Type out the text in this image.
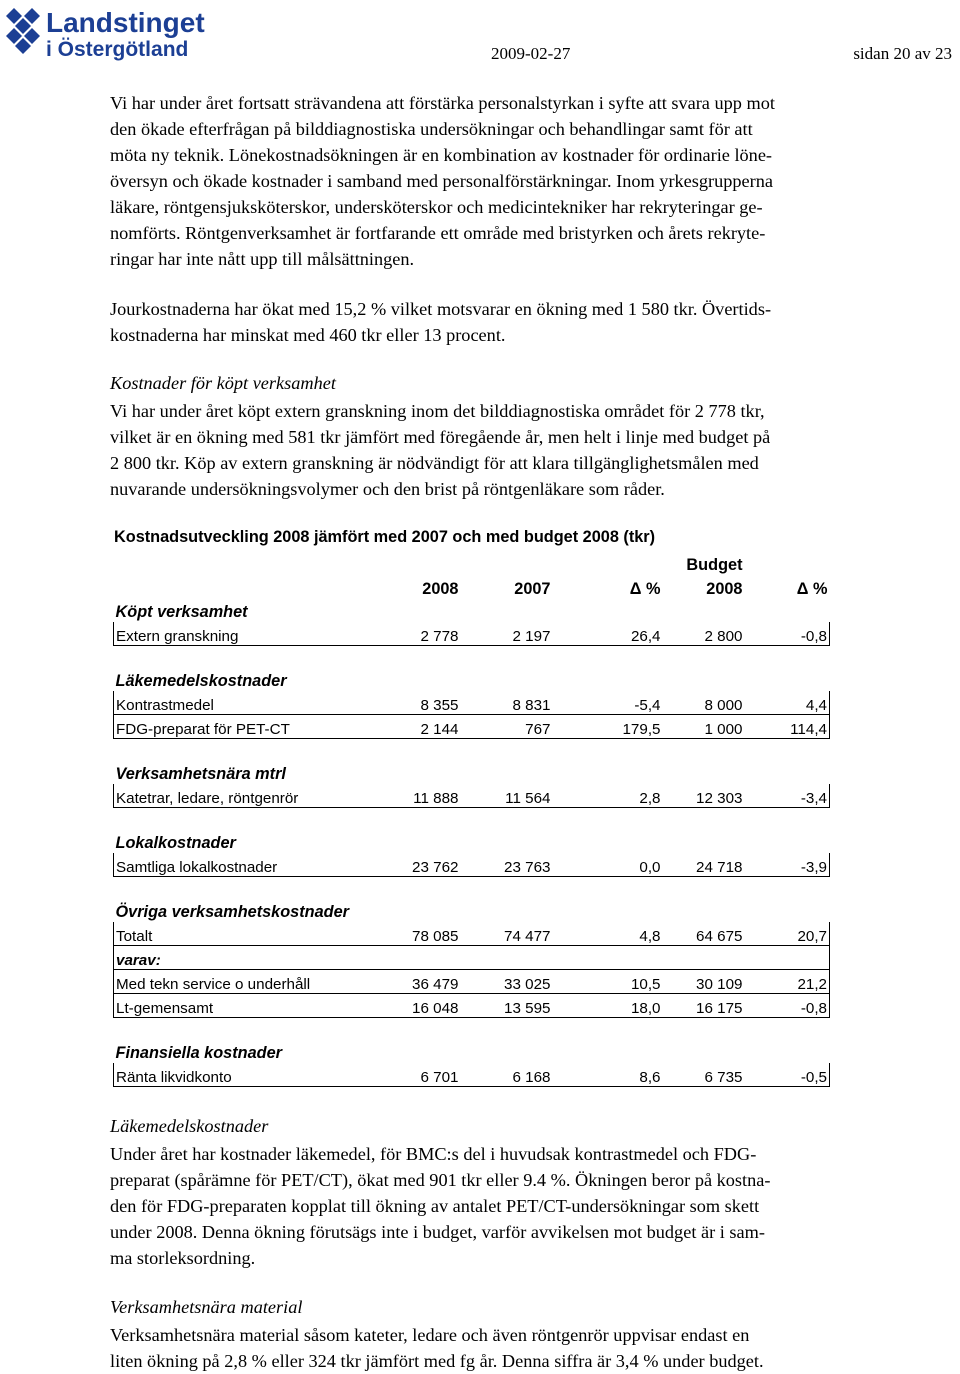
Landstinget
i Östergötland	2009-02-27	sidan 20 av 23

Vi har under året fortsatt strävandena att förstärka personalstyrkan i syfte att svara upp mot
den ökade efterfrågan på bilddiagnostiska undersökningar och behandlingar samt för att
möta ny teknik. Lönekostnadsökningen är en kombination av kostnader för ordinarie löne-
översyn och ökade kostnader i samband med personalförstärkningar. Inom yrkesgrupperna
läkare, röntgensjuksköterskor, undersköterskor och medicintekniker har rekryteringar ge-
nomförts. Röntgenverksamhet är fortfarande ett område med bristyrken och årets rekryte-
ringar har inte nått upp till målsättningen.

Jourkostnaderna har ökat med 15,2 % vilket motsvarar en ökning med 1 580 tkr. Övertids-
kostnaderna har minskat med 460 tkr eller 13 procent.

Kostnader för köpt verksamhet

Vi har under året köpt extern granskning inom det bilddiagnostiska området för 2 778 tkr,
vilket är en ökning med 581 tkr jämfört med föregående år, men helt i linje med budget på
2 800 tkr. Köp av extern granskning är nödvändigt för att klara tillgänglighetsmålen med
nuvarande undersökningsvolymer och den brist på röntgenläkare som råder.

Kostnadsutveckling 2008 jämfört med 2007 och med budget 2008 (tkr)
				Budget	
	2008	2007	Δ %	2008	Δ %
Köpt verksamhet					
Extern granskning	2 778	2 197	26,4	2 800	-0,8

Läkemedelskostnader					
Kontrastmedel	8 355	8 831	-5,4	8 000	4,4
FDG-preparat för PET-CT	2 144	767	179,5	1 000	114,4

Verksamhetsnära mtrl					
Katetrar, ledare, röntgenrör	11 888	11 564	2,8	12 303	-3,4

Lokalkostnader					
Samtliga lokalkostnader	23 762	23 763	0,0	24 718	-3,9

Övriga verksamhetskostnader					
Totalt	78 085	74 477	4,8	64 675	20,7
varav:					
Med tekn service o underhåll	36 479	33 025	10,5	30 109	21,2
Lt-gemensamt	16 048	13 595	18,0	16 175	-0,8

Finansiella kostnader					
Ränta likvidkonto	6 701	6 168	8,6	6 735	-0,5
Läkemedelskostnader

Under året har kostnader läkemedel, för BMC:s del i huvudsak kontrastmedel och FDG-
preparat (spårämne för PET/CT), ökat med 901 tkr eller 9.4 %. Ökningen beror på kostna-
den för FDG-preparaten kopplat till ökning av antalet PET/CT-undersökningar som skett
under 2008. Denna ökning förutsägs inte i budget, varför avvikelsen mot budget är i sam-
ma storleksordning.

Verksamhetsnära material

Verksamhetsnära material såsom kateter, ledare och även röntgenrör uppvisar endast en
liten ökning på 2,8 % eller 324 tkr jämfört med fg år. Denna siffra är 3,4 % under budget.
